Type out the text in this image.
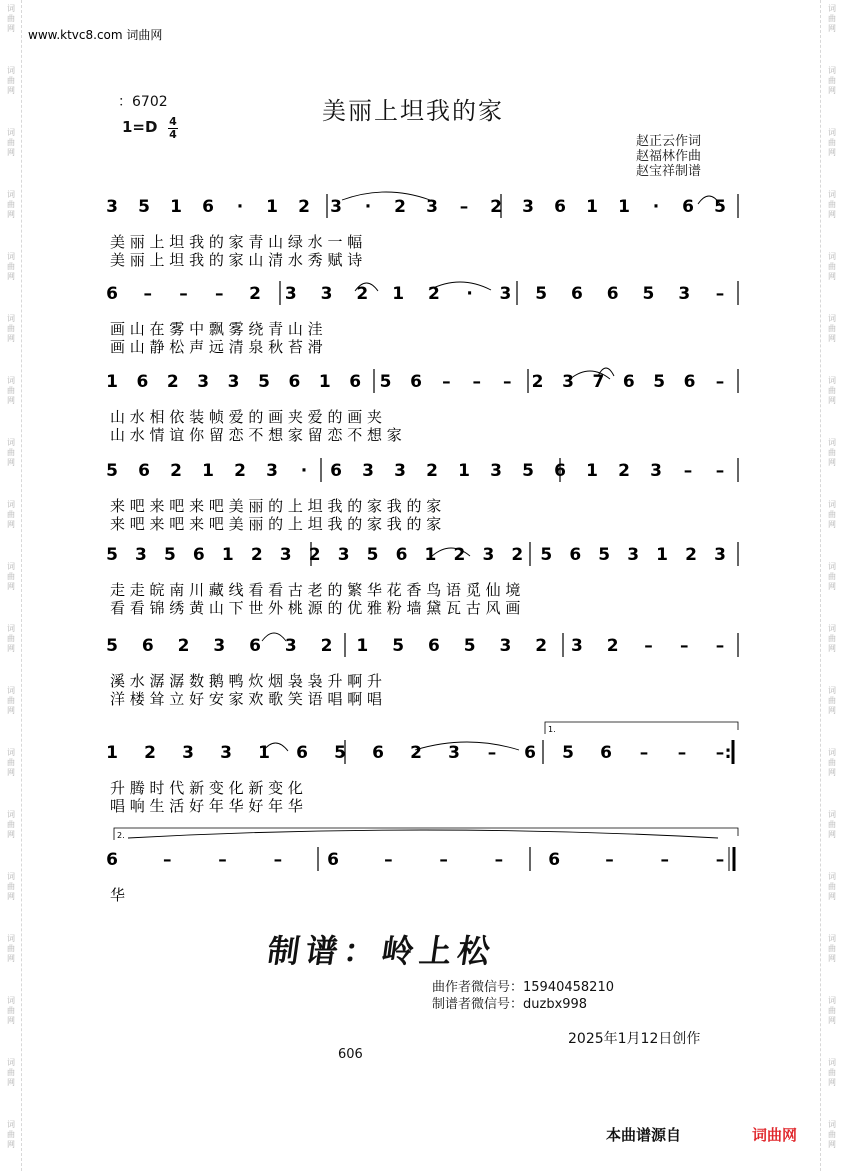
词
曲
网
词
曲
网
词
曲
网
词
曲
网
词
曲
网
词
曲
网
词
曲
网
词
曲
网
词
曲
网
词
曲
网
词
曲
网
词
曲
网
词
曲
网
词
曲
网
词
曲
网
词
曲
网
词
曲
网
词
曲
网
词
曲
网
词
曲
网
词
曲
网
词
曲
网
词
曲
网
词
曲
网
词
曲
网
词
曲
网
词
曲
网
词
曲
网
词
曲
网
词
曲
网
词
曲
网
词
曲
网
词
曲
网
词
曲
网
词
曲
网
词
曲
网
词
曲
网
词
曲
网
www.ktvc8.com 词曲网
：6702
$1=D \frac{4}{4}$
美丽上坦我的家
赵正云作词
赵福林作曲
赵宝祥制谱
3 5 1 6 · 1 2 3 · 2 3 – 2 3 6 1 1 · 6 5
美 丽 上 坦 我 的 家 青 山 绿 水 一 幅
美 丽 上 坦 我 的 家 山 清 水 秀 赋 诗
6 – – – 2 3 3 2 1 2 · 3 5 6 6 5 3 –
画 山 在 雾 中 飘 雾 绕 青 山 洼
画 山 静 松 声 远 清 泉 秋 苔 滑
1 6 2 3 3 5 6 1 6 5 6 – – – 2 3 7 6 5 6 –
山 水 相 依 装 帧 爱 的 画 夹 爱 的 画 夹
山 水 情 谊 你 留 恋 不 想 家 留 恋 不 想 家
5 6 2 1 2 3 · 6 3 3 2 1 3 5 6 1 2 3 – –
来 吧 来 吧 来 吧 美 丽 的 上 坦 我 的 家 我 的 家
来 吧 来 吧 来 吧 美 丽 的 上 坦 我 的 家 我 的 家
5 3 5 6 1 2 3 2 3 5 6 1 2 3 2 5 6 5 3 1 2 3
走 走 皖 南 川 藏 线 看 看 古 老 的 繁 华 花 香 鸟 语 觅 仙 境
看 看 锦 绣 黄 山 下 世 外 桃 源 的 优 雅 粉 墙 黛 瓦 古 风 画
5 6 2 3 6 3 2 1 5 6 5 3 2 3 2 – – –
溪 水 潺 潺 数 鹅 鸭 炊 烟 袅 袅 升 啊 升
洋 楼 耸 立 好 安 家 欢 歌 笑 语 唱 啊 唱
1 2 3 3 1 6 5 6 2 3 – 6 5 6 – – – :
1.
升 腾 时 代 新 变 化 新 变 化
唱 响 生 活 好 年 华 好 年 华
6	–	–	–	6	–	–	–	6	–	–	–
2.
华
制谱：岭上松
曲作者微信号：15940458210
制谱者微信号：duzbx998
2025年1月12日创作
606
本曲谱源自	词曲网
